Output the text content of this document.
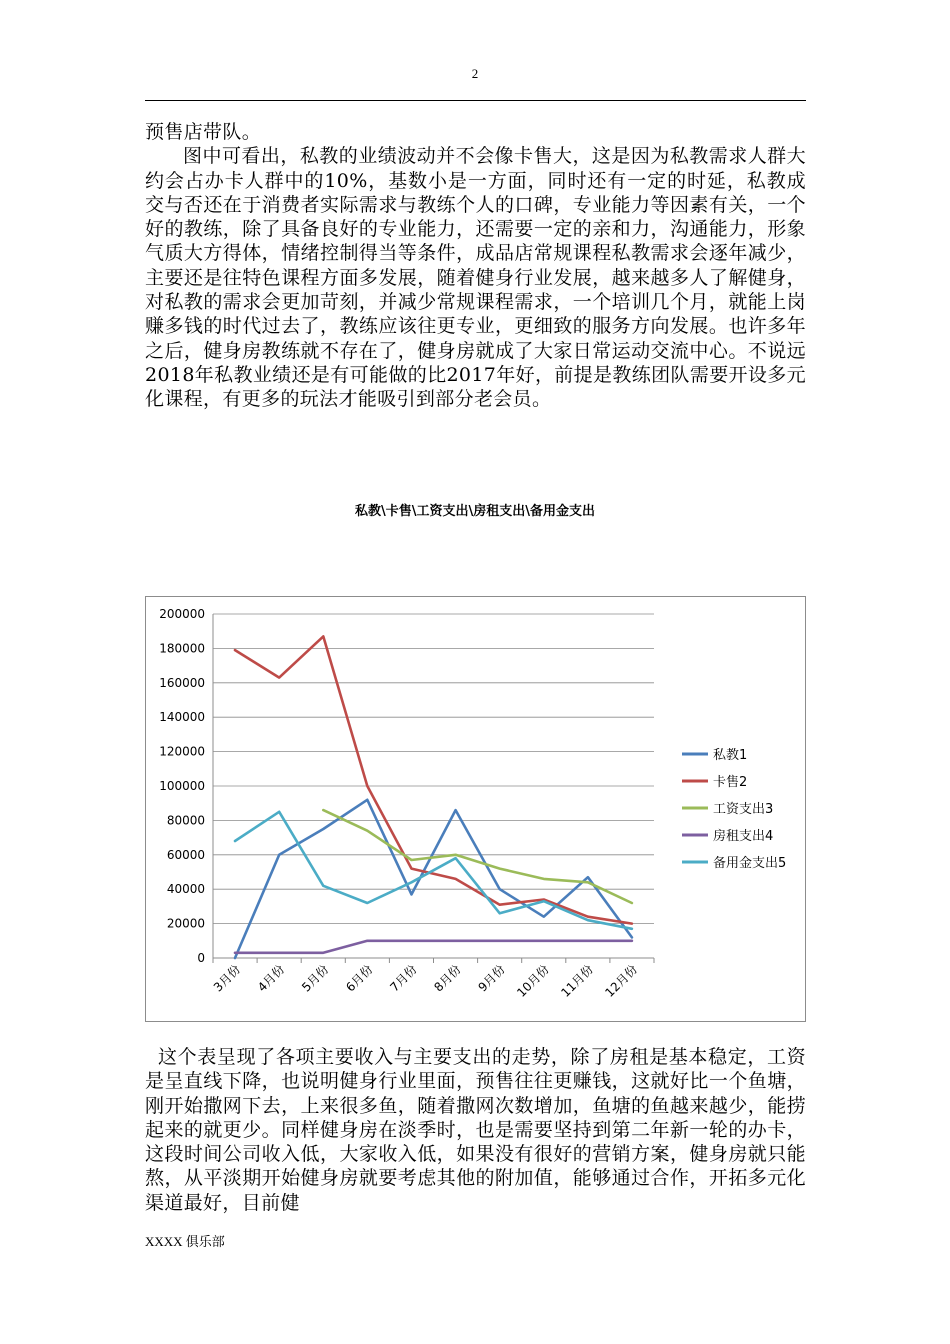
2

预售店带队。

图中可看出，私教的业绩波动并不会像卡售大，这是因为私教需求人群大约会占办卡人群中的10%，基数小是一方面，同时还有一定的时延，私教成交与否还在于消费者实际需求与教练个人的口碑，专业能力等因素有关，一个好的教练，除了具备良好的专业能力，还需要一定的亲和力，沟通能力，形象气质大方得体，情绪控制得当等条件，成品店常规课程私教需求会逐年减少，主要还是往特色课程方面多发展，随着健身行业发展，越来越多人了解健身，对私教的需求会更加苛刻，并减少常规课程需求，一个培训几个月，就能上岗赚多钱的时代过去了，教练应该往更专业，更细致的服务方向发展。也许多年之后，健身房教练就不存在了，健身房就成了大家日常运动交流中心。不说远2018年私教业绩还是有可能做的比2017年好，前提是教练团队需要开设多元化课程，有更多的玩法才能吸引到部分老会员。

私教\卡售\工资支出\房租支出\备用金支出
200000
180000
160000
140000
120000
100000
80000
60000
40000
20000
0
3月份 4月份 5月份 6月份 7月份 8月份 9月份 10月份 11月份 12月份
私教1
卡售2
工资支出3
房租支出4
备用金支出5
这个表呈现了各项主要收入与主要支出的走势，除了房租是基本稳定，工资是呈直线下降，也说明健身行业里面，预售往往更赚钱，这就好比一个鱼塘，刚开始撒网下去，上来很多鱼，随着撒网次数增加，鱼塘的鱼越来越少，能捞起来的就更少。同样健身房在淡季时，也是需要坚持到第二年新一轮的办卡，这段时间公司收入低，大家收入低，如果没有很好的营销方案，健身房就只能熬，从平淡期开始健身房就要考虑其他的附加值，能够通过合作，开拓多元化渠道最好，目前健
XXXX 俱乐部
